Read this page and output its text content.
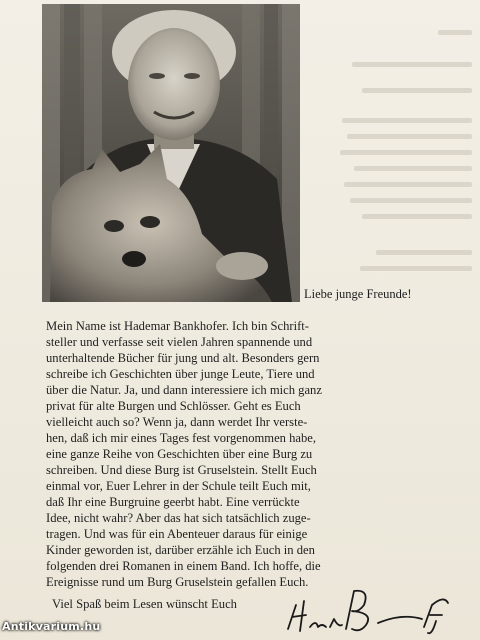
Liebe junge Freunde!
Mein Name ist Hademar Bankhofer. Ich bin Schrift-
steller und verfasse seit vielen Jahren spannende und
unterhaltende Bücher für jung und alt. Besonders gern
schreibe ich Geschichten über junge Leute, Tiere und
über die Natur. Ja, und dann interessiere ich mich ganz
privat für alte Burgen und Schlösser. Geht es Euch
vielleicht auch so? Wenn ja, dann werdet Ihr verste-
hen, daß ich mir eines Tages fest vorgenommen habe,
eine ganze Reihe von Geschichten über eine Burg zu
schreiben. Und diese Burg ist Gruselstein. Stellt Euch
einmal vor, Euer Lehrer in der Schule teilt Euch mit,
daß Ihr eine Burgruine geerbt habt. Eine verrückte
Idee, nicht wahr? Aber das hat sich tatsächlich zuge-
tragen. Und was für ein Abenteuer daraus für einige
Kinder geworden ist, darüber erzähle ich Euch in den
folgenden drei Romanen in einem Band. Ich hoffe, die
Ereignisse rund um Burg Gruselstein gefallen Euch.
Viel Spaß beim Lesen wünscht Euch
Antikvarium.hu
